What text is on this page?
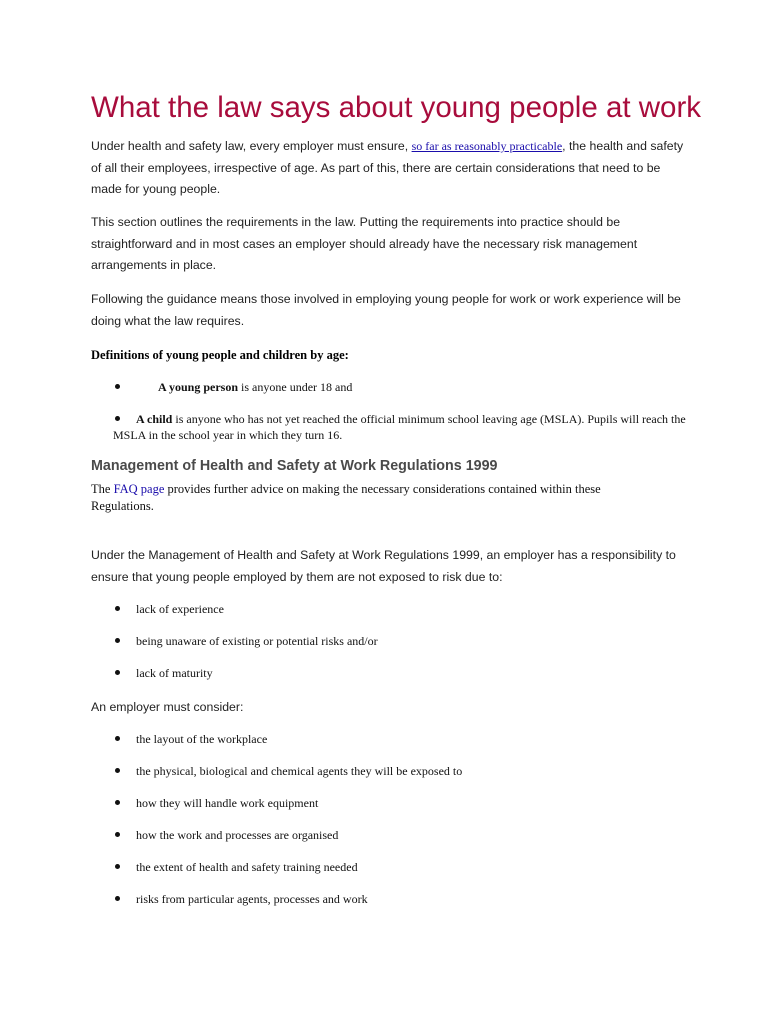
What the law says about young people at work

Under health and safety law, every employer must ensure, so far as reasonably practicable, the health and safety of all their employees, irrespective of age. As part of this, there are certain considerations that need to be made for young people.

This section outlines the requirements in the law. Putting the requirements into practice should be straightforward and in most cases an employer should already have the necessary risk management arrangements in place.

Following the guidance means those involved in employing young people for work or work experience will be doing what the law requires.

Definitions of young people and children by age:

A young person is anyone under 18 and
A child is anyone who has not yet reached the official minimum school leaving age (MSLA). Pupils will reach the MSLA in the school year in which they turn 16.
Management of Health and Safety at Work Regulations 1999

The FAQ page provides further advice on making the necessary considerations contained within these Regulations.

Under the Management of Health and Safety at Work Regulations 1999, an employer has a responsibility to ensure that young people employed by them are not exposed to risk due to:

lack of experience
being unaware of existing or potential risks and/or
lack of maturity

An employer must consider:

the layout of the workplace
the physical, biological and chemical agents they will be exposed to
how they will handle work equipment
how the work and processes are organised
the extent of health and safety training needed
risks from particular agents, processes and work
